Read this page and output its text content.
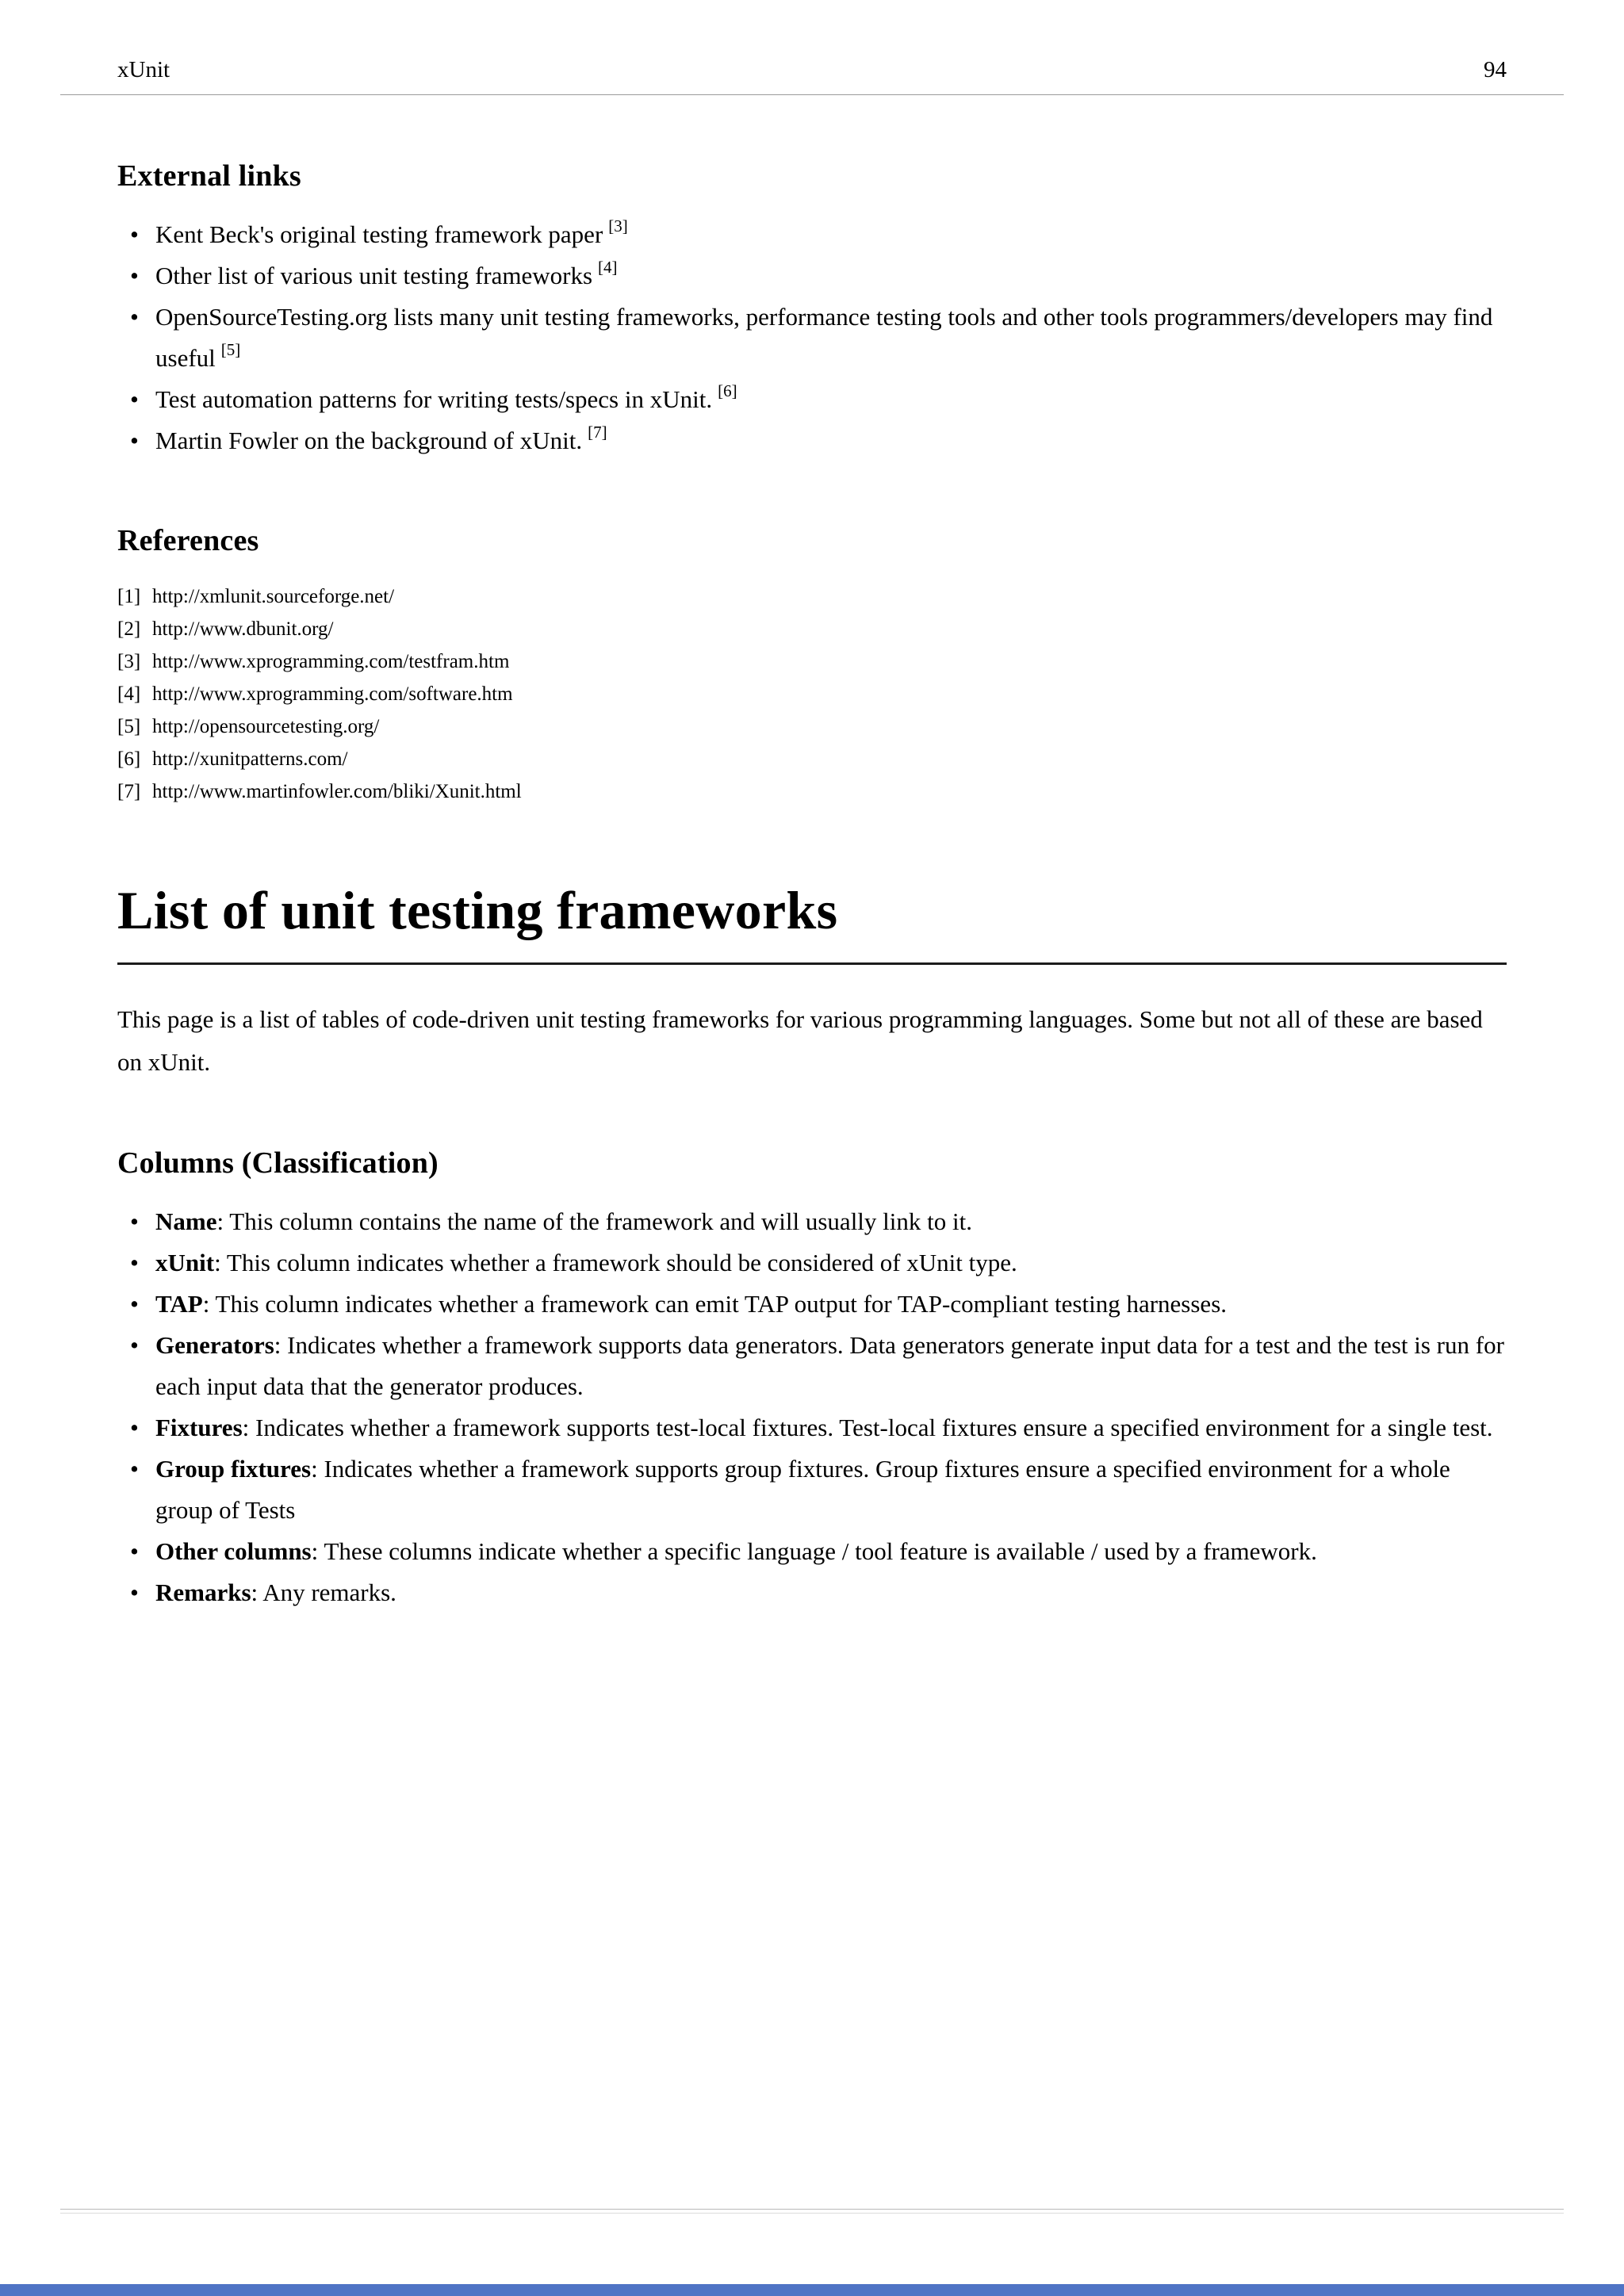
xUnit	94
External links
• Kent Beck's original testing framework paper [3]
• Other list of various unit testing frameworks [4]
• OpenSourceTesting.org lists many unit testing frameworks, performance testing tools and other tools programmers/developers may find useful [5]
• Test automation patterns for writing tests/specs in xUnit. [6]
• Martin Fowler on the background of xUnit. [7]
References
[1] http://xmlunit.sourceforge.net/
[2] http://www.dbunit.org/
[3] http://www.xprogramming.com/testfram.htm
[4] http://www.xprogramming.com/software.htm
[5] http://opensourcetesting.org/
[6] http://xunitpatterns.com/
[7] http://www.martinfowler.com/bliki/Xunit.html
List of unit testing frameworks

This page is a list of tables of code-driven unit testing frameworks for various programming languages. Some but not all of these are based on xUnit.

Columns (Classification)
• Name: This column contains the name of the framework and will usually link to it.
• xUnit: This column indicates whether a framework should be considered of xUnit type.
• TAP: This column indicates whether a framework can emit TAP output for TAP-compliant testing harnesses.
• Generators: Indicates whether a framework supports data generators. Data generators generate input data for a test and the test is run for each input data that the generator produces.
• Fixtures: Indicates whether a framework supports test-local fixtures. Test-local fixtures ensure a specified environment for a single test.
• Group fixtures: Indicates whether a framework supports group fixtures. Group fixtures ensure a specified environment for a whole group of Tests
• Other columns: These columns indicate whether a specific language / tool feature is available / used by a framework.
• Remarks: Any remarks.
